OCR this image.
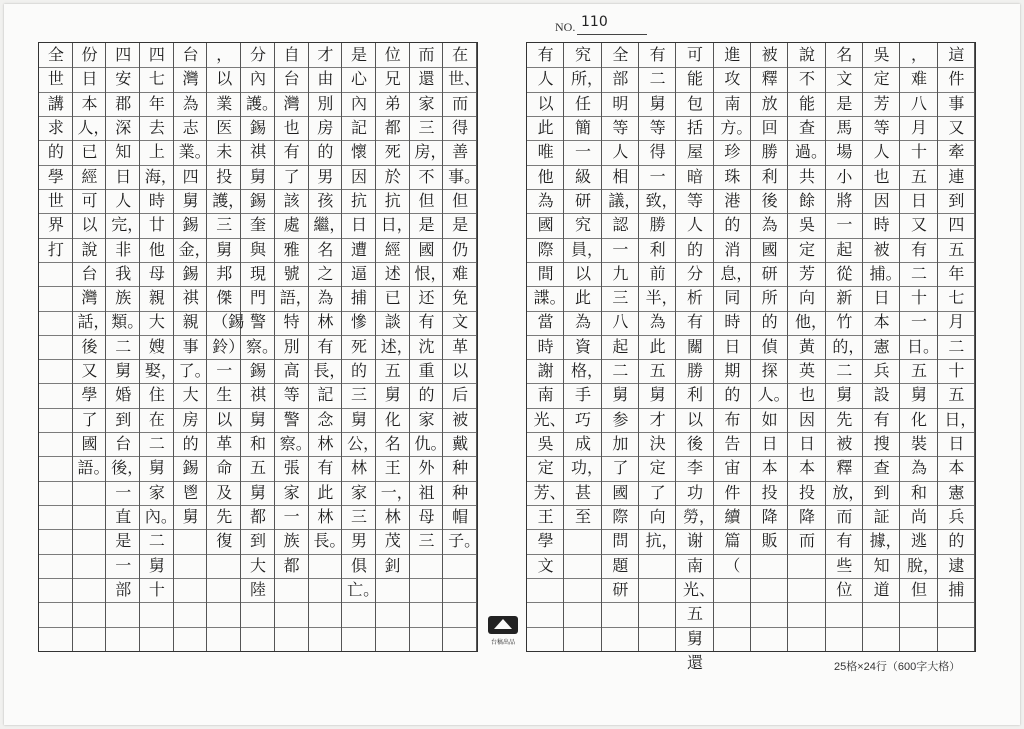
NO. 110
在世、而得善事。但是仍难免文革以后被戴种种帽子。
而還家三房，不但是國恨，还有沈重的家仇。外祖母三
位兄弟都死於抗日，經述已談述，五舅化名王一，林茂釗
是心內記懷因抗日遭逼捕慘死的三舅公，林家三男俱亡。
才由別房的男孩繼，名之為林有長，記念林有此林長。
自台灣也有了該處雅號語，特別高等警察。張家一族都
分內護。錫祺舅錫奎與現門警察。錫祺舅和五舅都到大陸
，以業医未投護，三舅邦傑（錫鈴）一生以革命及先復
台灣為志業。四舅錫金，錫祺親事了。大房的錫鬯舅
四七年去上海，時廿他母親大嫂娶，住在二舅家內。二舅十
四安郡深知日人完，非我族類。二舅婚到台後，一直是一部
份日本人，已經可以說台灣話，後又學了國語。
全世講求的學世界打
這件事又牽連到四五年七月二十五日，日本憲兵的逮捕
，难八月十五日又有二十一日。五舅化裝為和尚逃脫，但
吳定芳等人也因時被捕。日本憲兵設有搜查到証據，知道
名文是馬場小將一起從新竹的，二舅先被釋放，而有些位
說不能查過。共餘吳定芳向他，黃英也因日本投降而
被釋放回勝利後為國研所的偵探人。如日本投降販
進攻南方。珍珠港的消息，同時日期的布告宙件續篇（
可能包括屋暗等人的分析有關勝利以後李功勞，谢南光、五舅還
有二舅等得一致，勝利前半，為此五舅才決定了向抗，
全部明等人相議，認一九三八起二舅参加了國際問題研
究所，任簡一級研究員，以此為資格，手巧成功，甚至
有人以此唯他為國際間諜。當時謝南光、吳定芳、王學文
台稿出品
25格×24行（600字大格）
